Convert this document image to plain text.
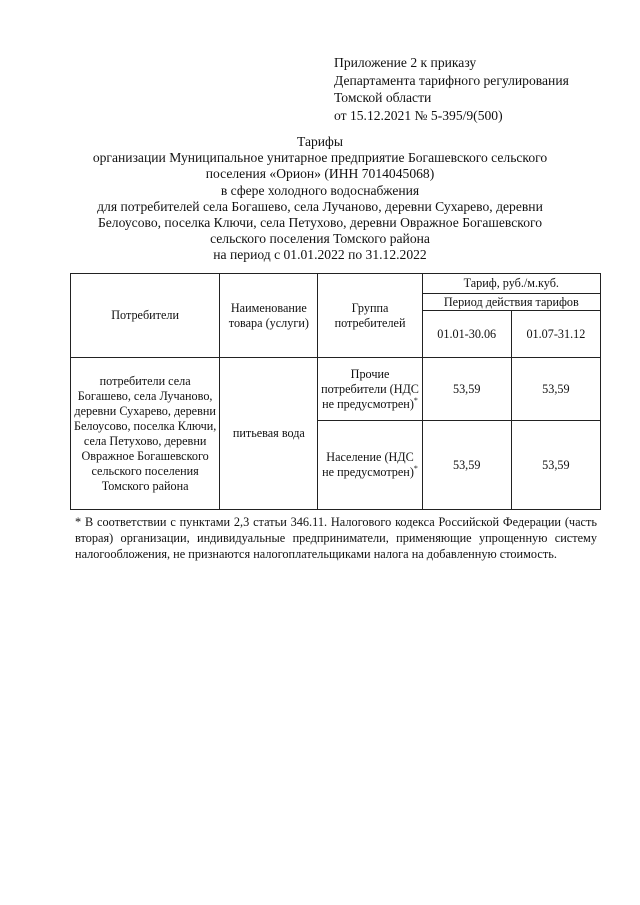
Приложение 2 к приказу
Департамента тарифного регулирования
Томской области
от 15.12.2021 № 5-395/9(500)
Тарифы
организации Муниципальное унитарное предприятие Богашевского сельского
поселения «Орион» (ИНН 7014045068)
в сфере холодного водоснабжения
для потребителей села Богашево, села Лучаново, деревни Сухарево, деревни
Белоусово, поселка Ключи, села Петухово, деревни Овражное Богашевского
сельского поселения Томского района
на период с 01.01.2022 по 31.12.2022
Потребители	Наименование товара (услуги)	Группа потребителей	Тариф, руб./м.куб.	
			Период действия тарифов	
			01.01-30.06	01.07-31.12
потребители села Богашево, села Лучаново, деревни Сухарево, деревни Белоусово, поселка Ключи, села Петухово, деревни Овражное Богашевского сельского поселения Томского района	питьевая вода	Прочие потребители (НДС не предусмотрен)*	53,59	53,59
		Население (НДС не предусмотрен)*	53,59	53,59

* В соответствии с пунктами 2,3 статьи 346.11. Налогового кодекса Российской Федерации (часть вторая) организации, индивидуальные предприниматели, применяющие упрощенную систему налогообложения, не признаются налогоплательщиками налога на добавленную стоимость.
